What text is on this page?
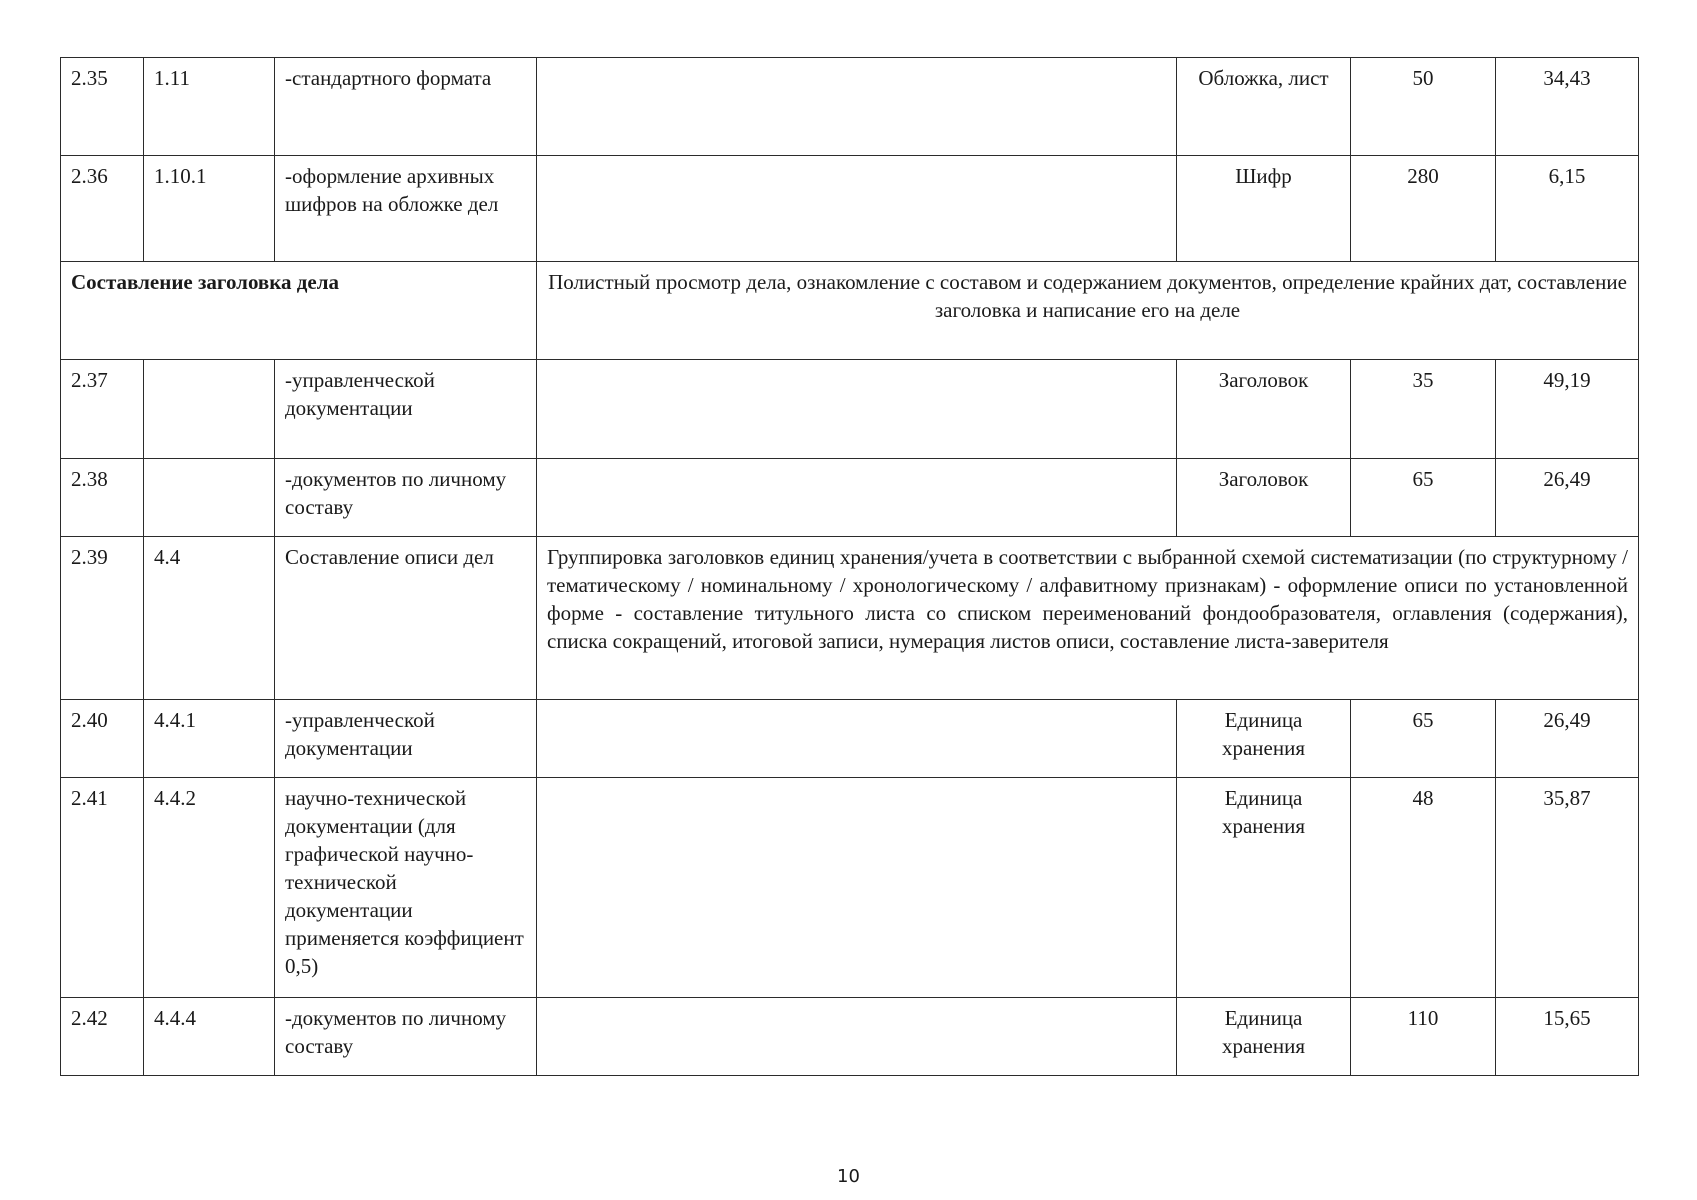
2.35	1.11	-стандартного формата		Обложка, лист	50	34,43
2.36	1.10.1	-оформление архивных шифров на обложке дел		Шифр	280	6,15
Составление заголовка дела			Полистный просмотр дела, ознакомление с составом и содержанием документов, определение крайних дат, составление заголовка и написание его на деле			
2.37		-управленческой документации		Заголовок	35	49,19
2.38		-документов по личному составу		Заголовок	65	26,49
2.39	4.4	Составление описи дел	Группировка заголовков единиц хранения/учета в соответствии с выбранной схемой систематизации (по структурному / тематическому / номинальному / хронологическому / алфавитному признакам) - оформление описи по установленной форме - составление титульного листа со списком переименований фондообразователя, оглавления (содержания), списка сокращений, итоговой записи, нумерация листов описи, составление листа-заверителя			
2.40	4.4.1	-управленческой документации		Единица хранения	65	26,49
2.41	4.4.2	научно-технической документации (для графической научно-технической документации применяется коэффициент 0,5)		Единица хранения	48	35,87
2.42	4.4.4	-документов по личному составу		Единица хранения	110	15,65
10
